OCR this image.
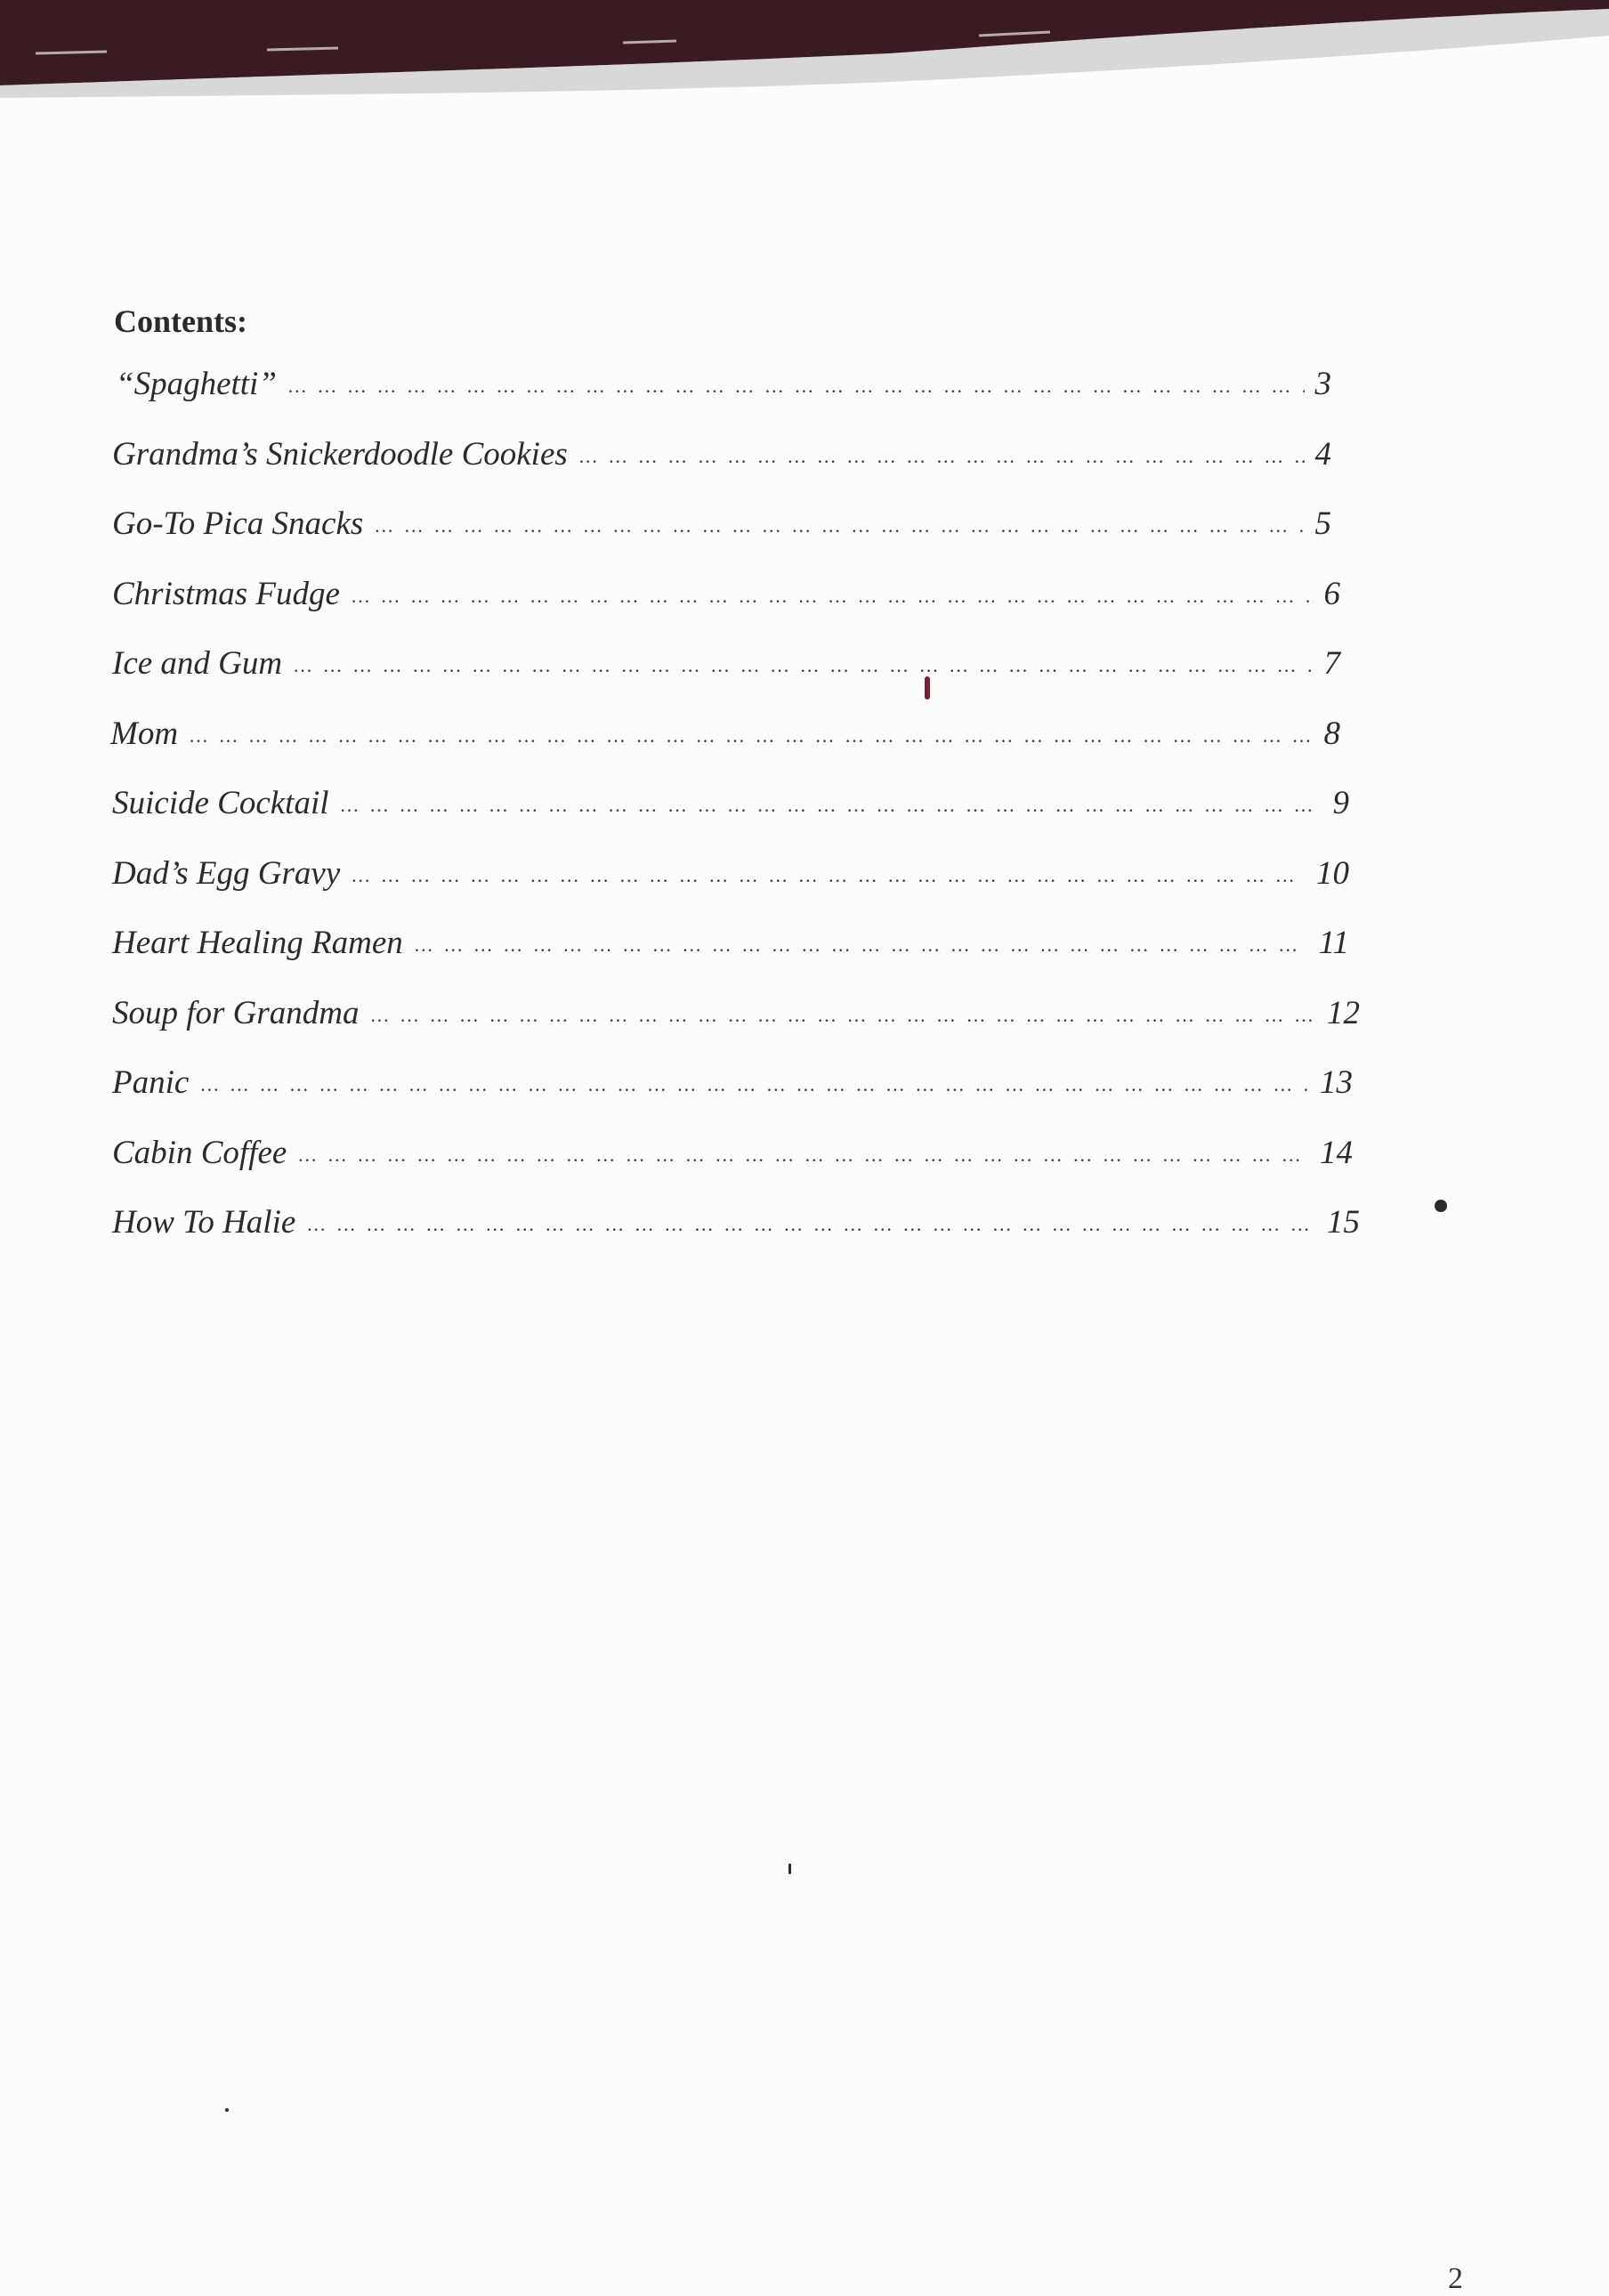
Contents:
“Spaghetti” … … … … … … … … … … … … … … … … … … … … … … … … … … … … … … … … … … … … … … … … … … … … … … … … … … … … …	3
Grandma’s Snickerdoodle Cookies … … … … … … … … … … … … … … … … … … … … … … … … … … … … … … … … … … … … … … … … … … … … … … … … … … … … …	4
Go-To Pica Snacks … … … … … … … … … … … … … … … … … … … … … … … … … … … … … … … … … … … … … … … … … … … … … … … … … … … … …	5
Christmas Fudge … … … … … … … … … … … … … … … … … … … … … … … … … … … … … … … … … … … … … … … … … … … … … … … … … … … … …	6
Ice and Gum … … … … … … … … … … … … … … … … … … … … … … … … … … … … … … … … … … … … … … … … … … … … … … … … … … … … …	7
Mom … … … … … … … … … … … … … … … … … … … … … … … … … … … … … … … … … … … … … … … … … … … … … … … … … … … … …	8
Suicide Cocktail … … … … … … … … … … … … … … … … … … … … … … … … … … … … … … … … … … … … … … … … … … … … … … … … … … … … …	9
Dad’s Egg Gravy … … … … … … … … … … … … … … … … … … … … … … … … … … … … … … … … … … … … … … … … … … … … … … … … … … … … …	10
Heart Healing Ramen … … … … … … … … … … … … … … … … … … … … … … … … … … … … … … … … … … … … … … … … … … … … … … … … … … … … …	11
Soup for Grandma … … … … … … … … … … … … … … … … … … … … … … … … … … … … … … … … … … … … … … … … … … … … … … … … … … … … …	12
Panic … … … … … … … … … … … … … … … … … … … … … … … … … … … … … … … … … … … … … … … … … … … … … … … … … … … … …	13
Cabin Coffee … … … … … … … … … … … … … … … … … … … … … … … … … … … … … … … … … … … … … … … … … … … … … … … … … … … … …	14
How To Halie … … … … … … … … … … … … … … … … … … … … … … … … … … … … … … … … … … … … … … … … … … … … … … … … … … … … …	15
2
